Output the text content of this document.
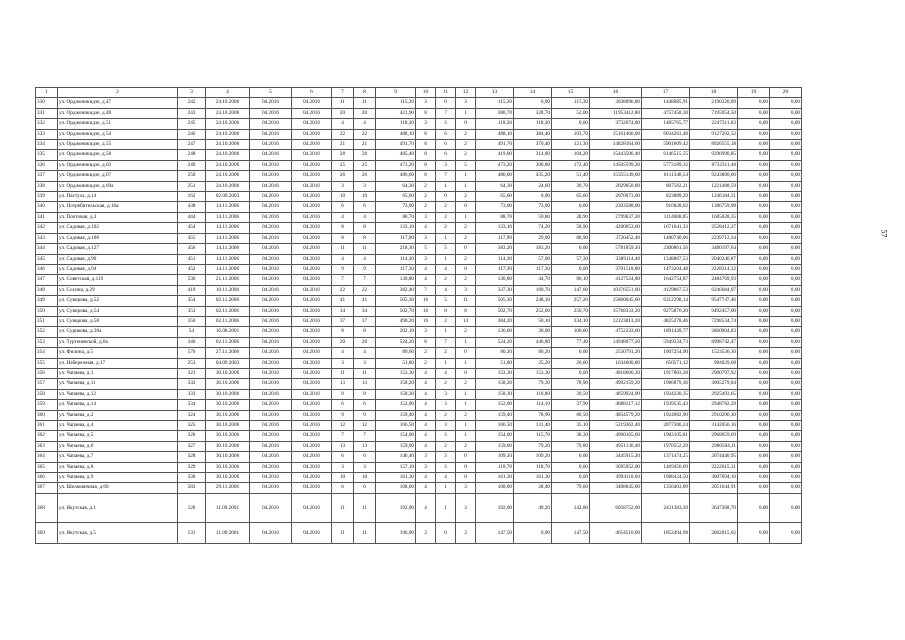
1	2	3	4	5	6	7	8	9	10	11	12	13	14	15	16	17	18	19	20
330	ул. Орджоникидзе, д.47	242	24.10.2006	04.2016	04.2016	11	11	115,30	3	0	3	115,30	0,00	115,30	3038096,80	1448085,91	2190320,89	0,00	0,00
331	ул. Орджоникидзе, д.48	243	24.10.2006	04.2016	04.2016	20	20	421,90	8	7	1	380,70	328,70	52,00	11953412,80	4757458,30	7195954,50	0,00	0,00
332	ул. Орджоникидзе, д.51	245	24.10.2006	04.2016	04.2016	4	4	118,30	3	3	0	118,30	118,30	0,00	3732074,80	1485765,77	2247311,03	0,00	0,00
333	ул. Орджоникидзе, д.54	246	24.10.2006	04.2016	04.2016	22	22	488,10	8	6	2	488,10	384,40	103,70	15161466,00	6034263,48	9127202,52	0,00	0,00
334	ул. Орджоникидзе, д.55	247	24.10.2006	04.2016	04.2016	21	21	491,70	8	6	2	491,70	370,40	121,30	14828164,60	5901609,42	8926555,18	0,00	0,00
335	ул. Орджоникидзе, д.58	248	24.10.2006	04.2016	04.2016	28	28	485,40	8	6	2	419,00	314,80	104,20	15443506,40	6146515,55	9296990,85	0,00	0,00
336	ул. Орджоникидзе, д.63	249	24.10.2006	04.2016	04.2016	25	25	473,20	8	3	5	473,20	300,80	172,40	14505599,20	5773189,32	8732311,48	0,00	0,00
337	ул. Орджоникидзе, д.67	250	24.10.2006	04.2016	04.2016	26	26	486,60	8	7	1	486,60	435,20	51,40	15355149,60	6111348,54	9243800,06	0,00	0,00
338	ул. Орджоникидзе, д.69а	251	24.10.2006	04.2016	04.2016	3	3	64,30	2	1	1	64,30	24,60	39,70	2029050,80	807562,21	1221488,59	0,00	0,00
339	ул. Пастуха, д.14	162	02.09.2003	04.2016	04.2016	10	10	65,60	2	0	2	65,60	0,00	65,60	2070073,60	823889,29	1246184,31	0,00	0,00
340	ул. Потребительская, д.16а	438	14.11.2006	04.2016	04.2016	6	6	73,00	2	2	0	73,00	73,00	0,00	2303588,00	916828,02	1386759,98	0,00	0,00
341	ул. Почтовая, д.3	444	14.11.2006	04.2016	04.2016	4	4	88,70	3	2	1	88,70	59,80	28,90	2799037,20	1114008,85	1685028,35	0,00	0,00
342	ул. Садовая, д.102	454	14.11.2006	04.2016	04.2016	8	8	133,10	4	2	2	133,10	74,20	58,90	4200053,60	1671641,33	2528412,27	0,00	0,00
343	ул. Садовая, д.108	455	14.11.2006	04.2016	04.2016	8	8	117,90	3	1	2	117,90	29,00	88,90	3720452,40	1480740,06	2239712,34	0,00	0,00
344	ул. Садовая, д.127	456	14.11.2006	04.2016	04.2016	11	11	218,30	5	5	0	183,20	183,20	0,00	5781059,20	2300861,56	3480197,64	0,00	0,00
345	ул. Садовая, д.90	451	14.11.2006	04.2016	04.2016	4	4	114,30	3	1	2	114,30	57,00	57,30	3389114,40	1348867,53	2040246,87	0,00	0,00
346	ул. Садовая, д.94	452	14.11.2006	04.2016	04.2016	9	9	117,30	4	4	0	117,30	117,30	0,00	3701518,80	1473204,48	2228314,32	0,00	0,00
347	ул. Советская, д.119	536	21.11.2006	04.2016	04.2016	7	7	130,80	4	2	2	130,80	44,70	86,10	4127524,80	1642754,87	2484769,93	0,00	0,00
348	ул. Сосина, д.29	419	10.11.2006	04.2016	04.2016	22	22	382,40	7	4	3	337,30	189,70	147,60	10376551,60	4129867,53	6246684,07	0,00	0,00
349	ул. Суворова, д.52	354	02.11.2006	04.2016	04.2016	41	41	505,30	16	5	11	505,30	248,10	257,20	15860045,60	6312298,14	9547747,46	0,00	0,00
350	ул. Суворова, д.54	353	02.11.2006	04.2016	04.2016	34	34	502,70	16	8	8	502,70	252,00	250,70	15768333,20	6275876,20	9492457,00	0,00	0,00
351	ул. Суворова, д.58	356	02.11.2006	04.2016	04.2016	37	37	490,20	16	2	14	384,20	50,10	334,10	12123813,20	4825278,46	7298534,74	0,00	0,00
352	ул. Сурикова, д.36а	54	16.08.2001	04.2016	04.2016	8	8	202,10	3	1	2	136,60	30,00	106,60	4752333,60	1891428,77	2860904,83	0,00	0,00
353	ул. Тургеневской, д.8а	340	02.11.2006	04.2016	04.2016	20	20	524,20	8	7	1	524,20	446,80	77,40	14948077,20	5949334,73	8998742,47	0,00	0,00
354	ул. Филина, д.5	576	27.11.2006	04.2016	04.2016	4	4	89,60	2	2	0	80,20	80,20	0,00	2530791,20	1007254,90	1523536,30	0,00	0,00
355	ул. Набережная, д.17	253	04.09.2003	04.2016	04.2016	3	3	51,80	2	1	1	51,80	25,20	26,60	1634600,80	650571,12	984029,68	0,00	0,00
356	ул. Чапаева, д.1	323	30.10.2006	04.2016	04.2016	11	11	153,30	4	4	0	153,30	153,30	0,00	4818606,20	1917803,28	2900797,92	0,00	0,00
357	ул. Чапаева, д.11	332	30.10.2006	04.2016	04.2016	13	13	158,20	4	2	2	158,20	79,30	78,90	4992159,20	1986879,36	3005279,84	0,00	0,00
358	ул. Чапаева, д.12	333	30.10.2006	04.2016	04.2016	8	8	158,30	4	3	1	158,30	118,80	39,50	4859924,00	1934230,35	2925493,65	0,00	0,00
359	ул. Чапаева, д.14	334	30.10.2006	04.2016	04.2016	6	6	152,00	4	3	1	152,00	114,10	37,90	4688317,12	1939535,43	2948782,29	0,00	0,00
360	ул. Чапаева, д.2	324	30.10.2006	04.2016	04.2016	9	9	159,40	4	2	2	159,40	78,90	80,50	4854579,20	1924082,90	2910296,30	0,00	0,00
361	ул. Чапаева, д.4	325	30.10.2006	04.2016	04.2016	12	12	166,50	4	3	1	166,50	131,40	35,10	5219362,40	2077306,24	3142056,16	0,00	0,00
362	ул. Чапаева, д.5	326	30.10.2006	04.2016	04.2016	7	7	154,00	4	3	1	154,00	115,70	38,30	4960165,60	1982105,81	2968059,69	0,00	0,00
363	ул. Чапаева, д.6	327	30.10.2006	04.2016	04.2016	13	13	159,00	4	2	2	159,00	79,20	79,80	4951136,40	1970552,29	2980584,11	0,00	0,00
364	ул. Чапаева, д.7	328	30.10.2006	04.2016	04.2016	6	6	146,40	3	3	0	109,20	109,20	0,00	3445915,20	1371474,25	2074440,95	0,00	0,00
365	ул. Чапаева, д.8	329	30.10.2006	04.2016	04.2016	3	3	157,10	3	3	0	118,70	118,70	0,00	3695952,00	1469456,69	2222615,31	0,00	0,00
366	ул. Чапаева, д.9	330	30.10.2006	04.2016	04.2016	10	10	161,30	4	4	0	161,30	161,30	0,00	4994118,60	1988424,50	3007694,10	0,00	0,00
367	ул. Шелковичная, д.60	583	29.11.2006	04.2016	04.2016	6	6	108,00	4	1	3	108,00	28,40	79,60	3408045,00	1356403,09	2051644,91	0,00	0,00
368	ул. Якутская, д.1	128	11.09.2001	04.2016	04.2016	11	11	192,00	4	1	3	192,00	49,20	142,80	6058752,00	2411383,30	3647368,70	0,00	0,00
369	ул. Якутская, д.5	131	11.09.2001	04.2016	04.2016	11	11	196,00	3	0	3	147,50	0,00	147,50	4654510,00	1852494,98	2802015,02	0,00	0,00
57
